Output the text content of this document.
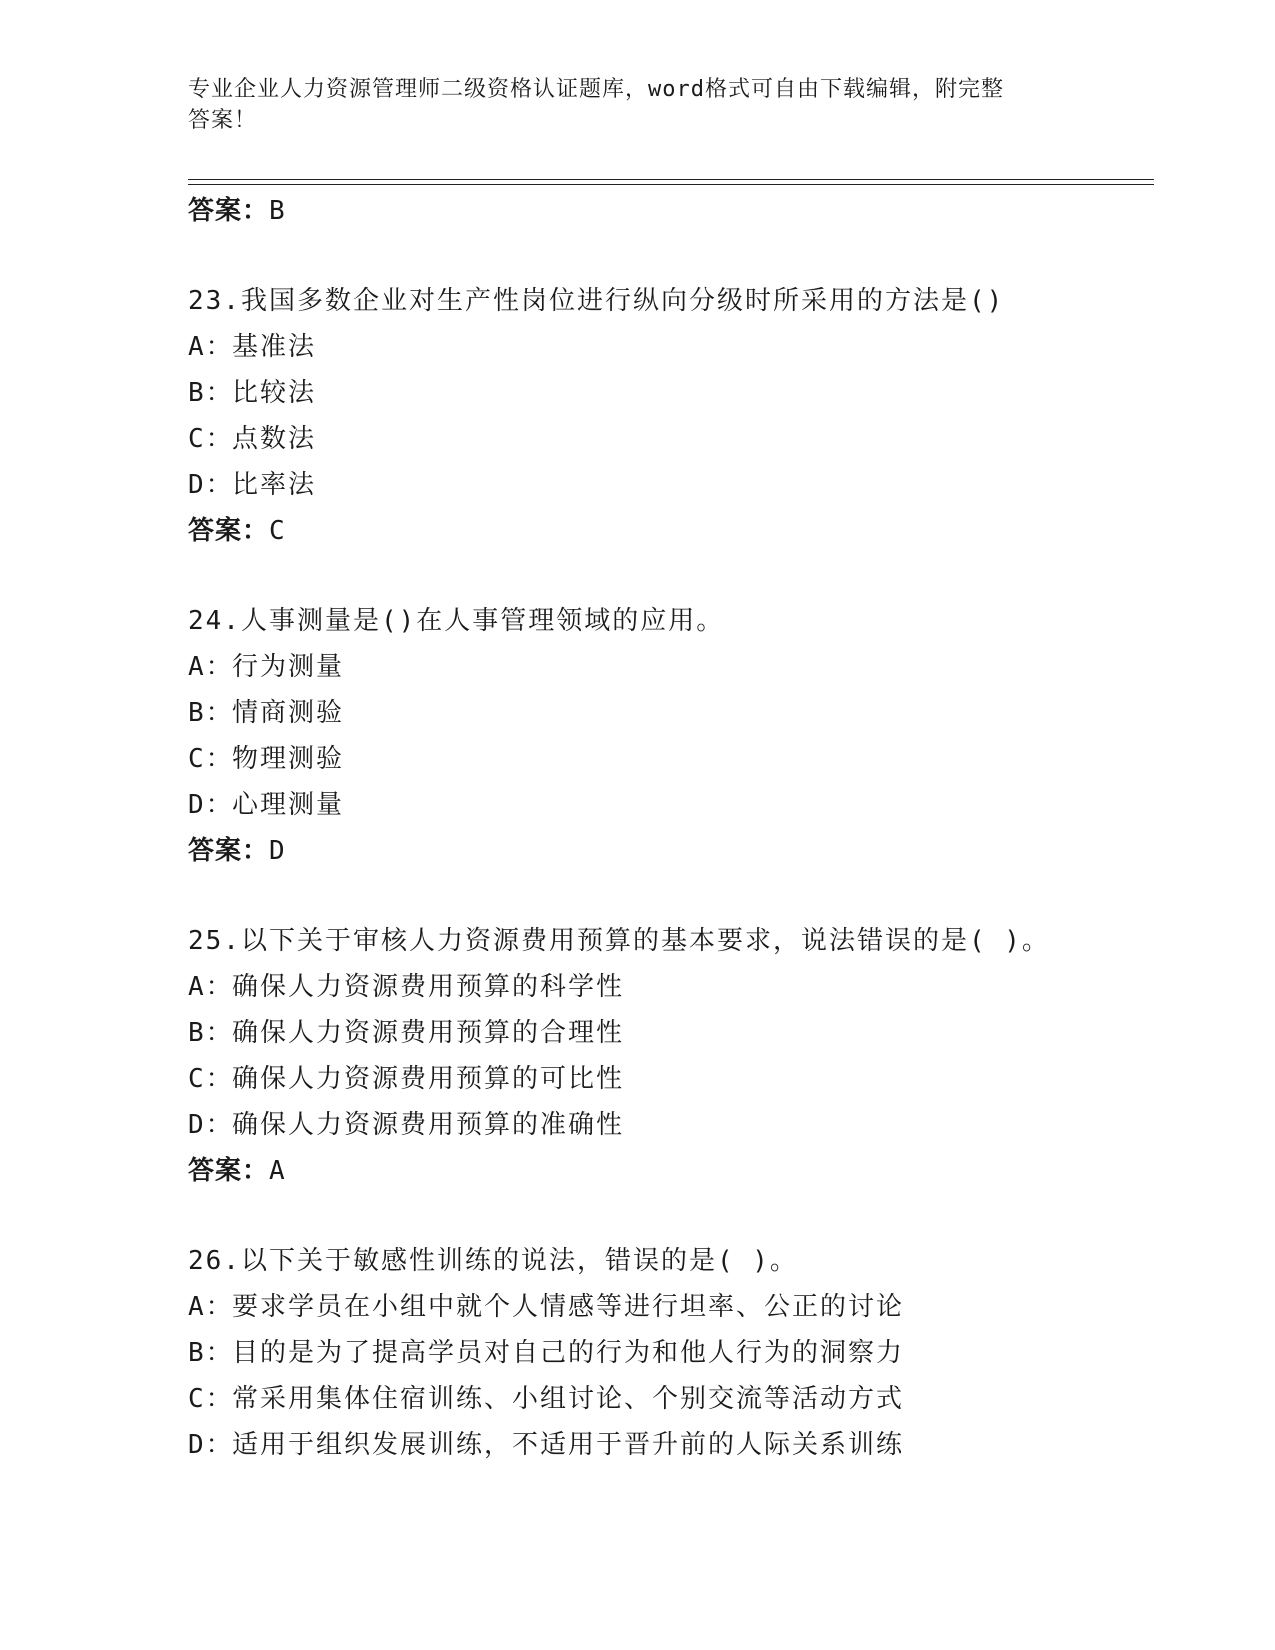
专业企业人力资源管理师二级资格认证题库，word格式可自由下载编辑，附完整
答案！
答案：B
23.我国多数企业对生产性岗位进行纵向分级时所采用的方法是()
A：基准法
B：比较法
C：点数法
D：比率法
答案：C
24.人事测量是()在人事管理领域的应用。
A：行为测量
B：情商测验
C：物理测验
D：心理测量
答案：D
25.以下关于审核人力资源费用预算的基本要求，说法错误的是( )。
A：确保人力资源费用预算的科学性
B：确保人力资源费用预算的合理性
C：确保人力资源费用预算的可比性
D：确保人力资源费用预算的准确性
答案：A
26.以下关于敏感性训练的说法，错误的是( )。
A：要求学员在小组中就个人情感等进行坦率、公正的讨论
B：目的是为了提高学员对自己的行为和他人行为的洞察力
C：常采用集体住宿训练、小组讨论、个别交流等活动方式
D：适用于组织发展训练，不适用于晋升前的人际关系训练
